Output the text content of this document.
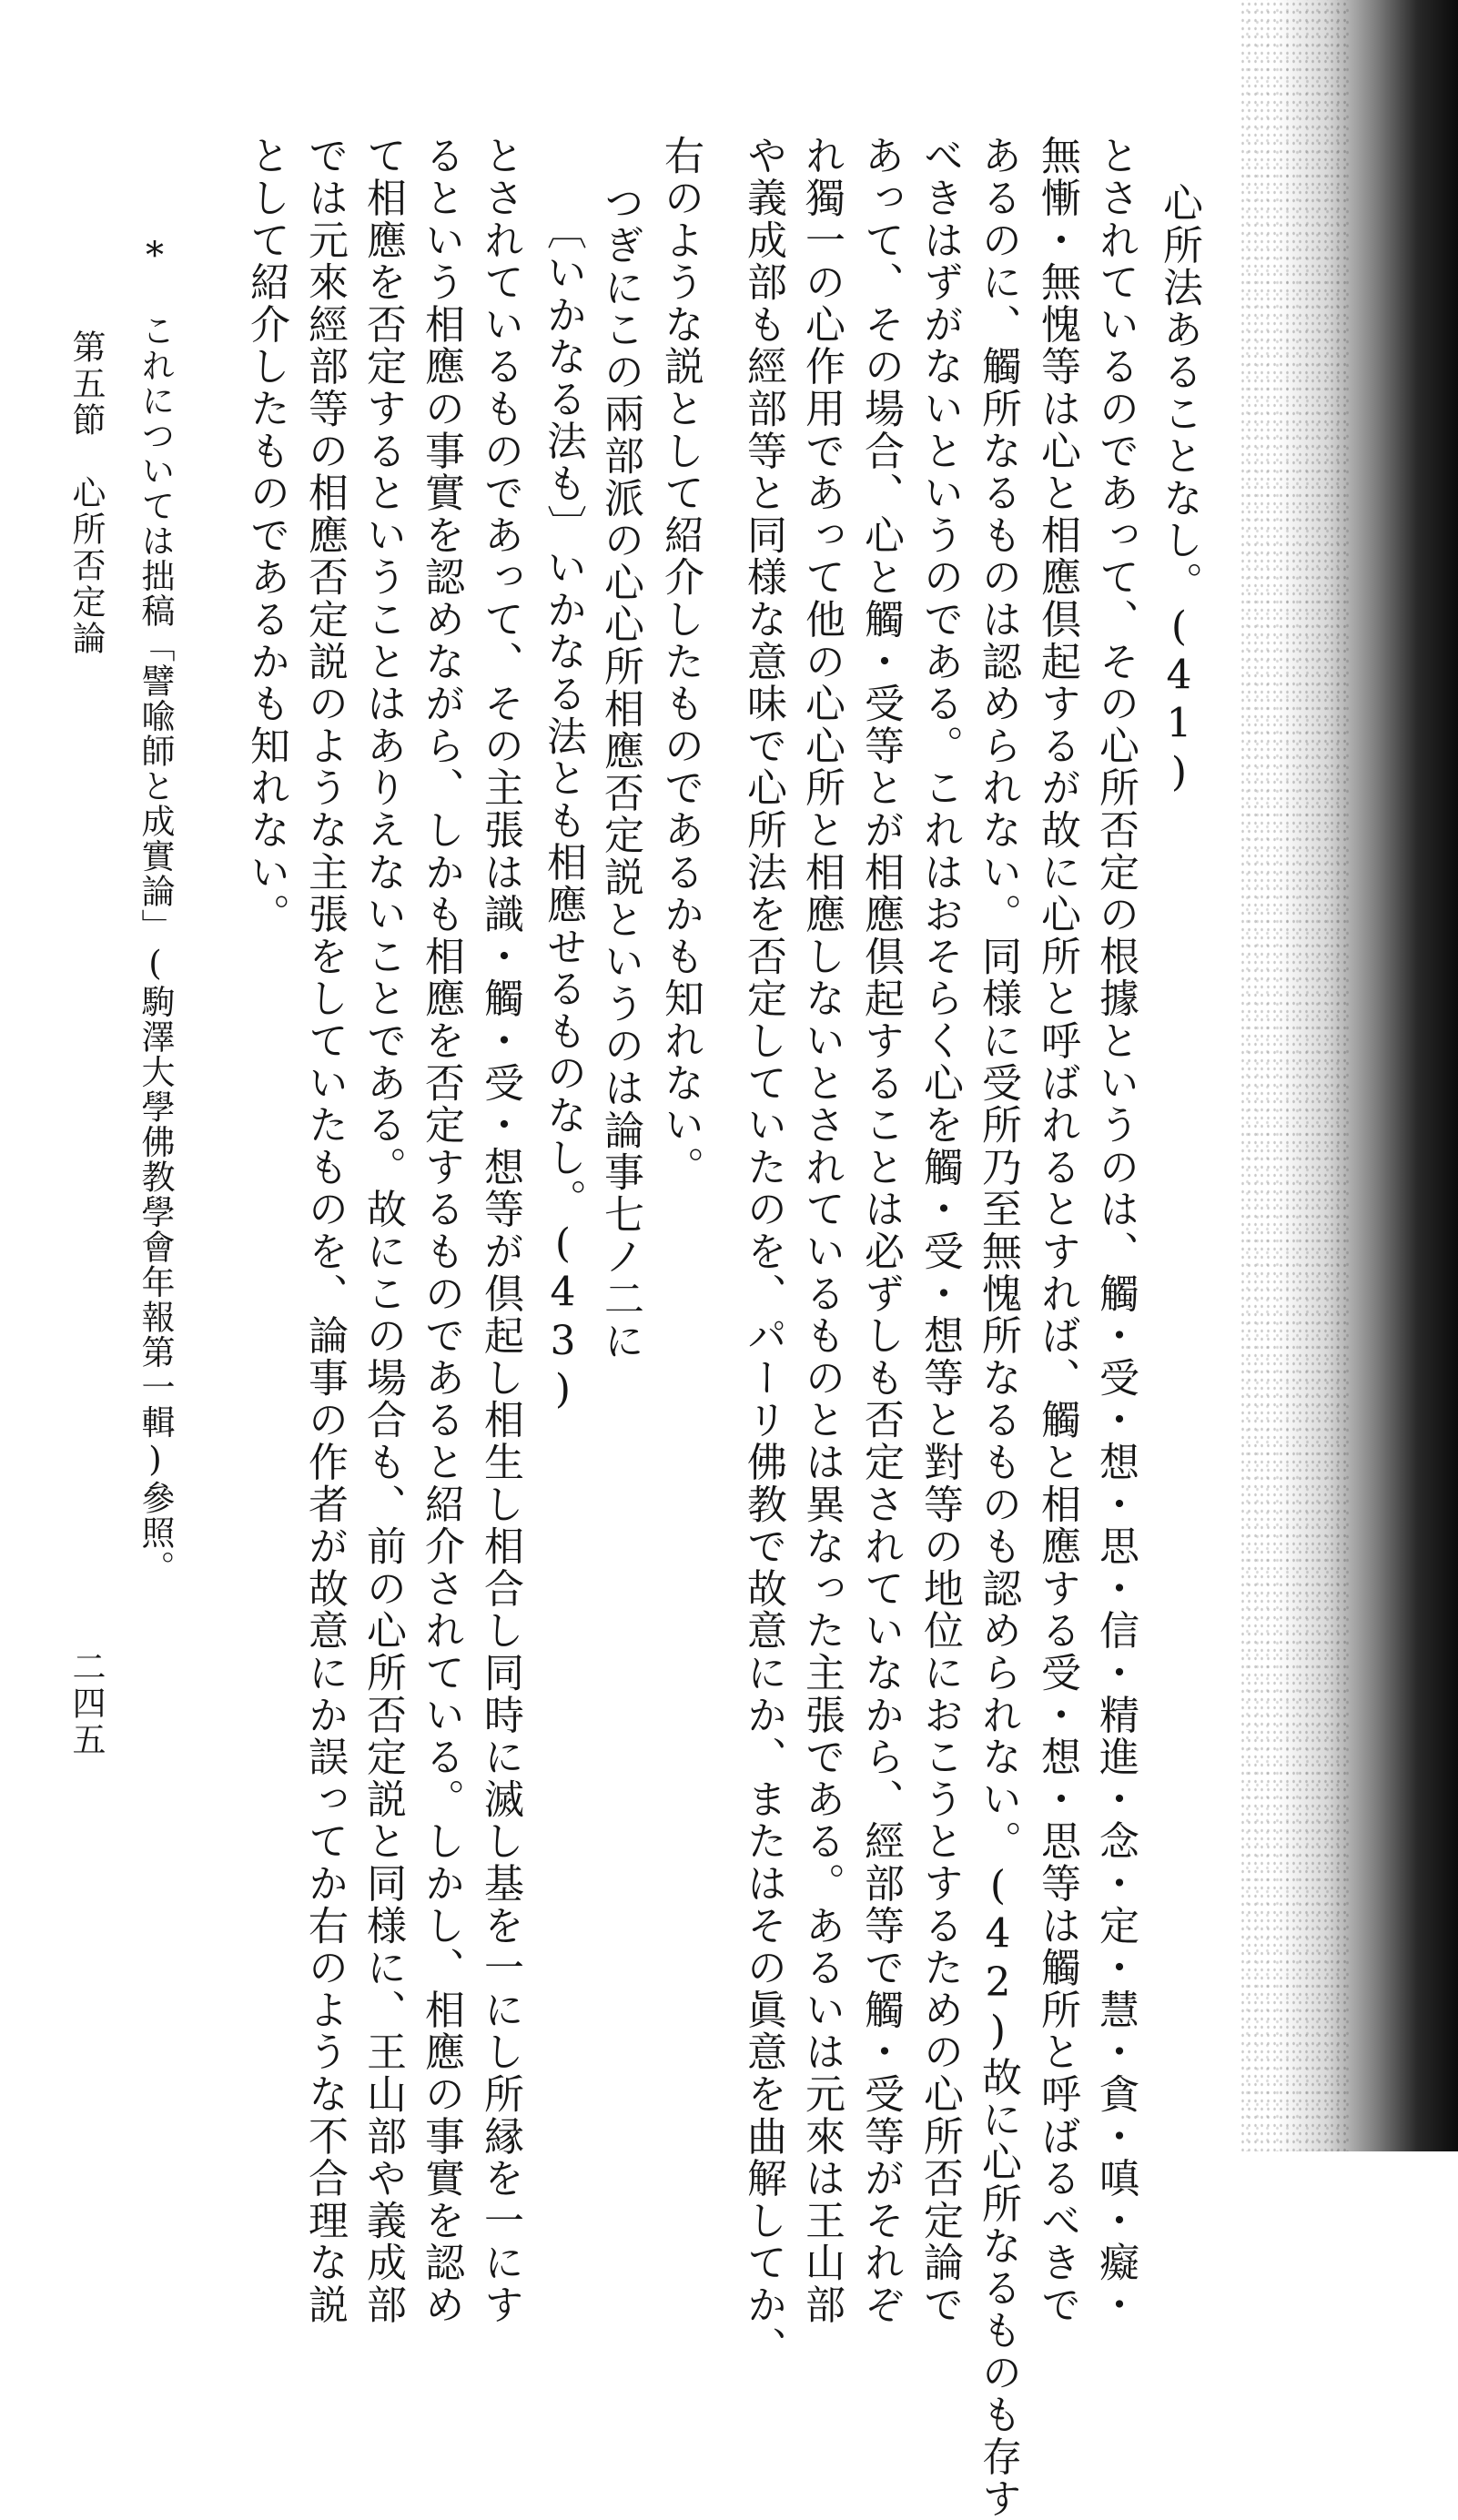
心所法あることなし。(41)
とされているのであって、その心所否定の根據というのは、觸・受・想・思・信・精進・念・定・慧・貪・嗔・癡・
無慚・無愧等は心と相應倶起するが故に心所と呼ばれるとすれば、觸と相應する受・想・思等は觸所と呼ばるべきで
あるのに、觸所なるものは認められない。同様に受所乃至無愧所なるものも認められない。(42)故に心所なるものも存す
べきはずがないというのである。これはおそらく心を觸・受・想等と對等の地位におこうとするための心所否定論で
あって、その場合、心と觸・受等とが相應倶起することは必ずしも否定されていなから、經部等で觸・受等がそれぞ
れ獨一の心作用であって他の心心所と相應しないとされているものとは異なった主張である。あるいは元來は王山部
や義成部も經部等と同様な意味で心所法を否定していたのを、パーリ佛教で故意にか、またはその眞意を曲解してか、
右のような説として紹介したものであるかも知れない。
つぎにこの兩部派の心心所相應否定説というのは論事七ノ二に
〔いかなる法も〕いかなる法とも相應せるものなし。(43)
とされているものであって、その主張は識・觸・受・想等が倶起し相生し相合し同時に滅し基を一にし所縁を一にす
るという相應の事實を認めながら、しかも相應を否定するものであると紹介されている。しかし、相應の事實を認め
て相應を否定するということはありえないことである。故にこの場合も、前の心所否定説と同様に、王山部や義成部
では元來經部等の相應否定説のような主張をしていたものを、論事の作者が故意にか誤ってか右のような不合理な説
として紹介したものであるかも知れない。
*　これについては拙稿「譬喩師と成實論」(駒澤大學佛教學會年報第一輯)參照。
第五節　心所否定論
二四五
